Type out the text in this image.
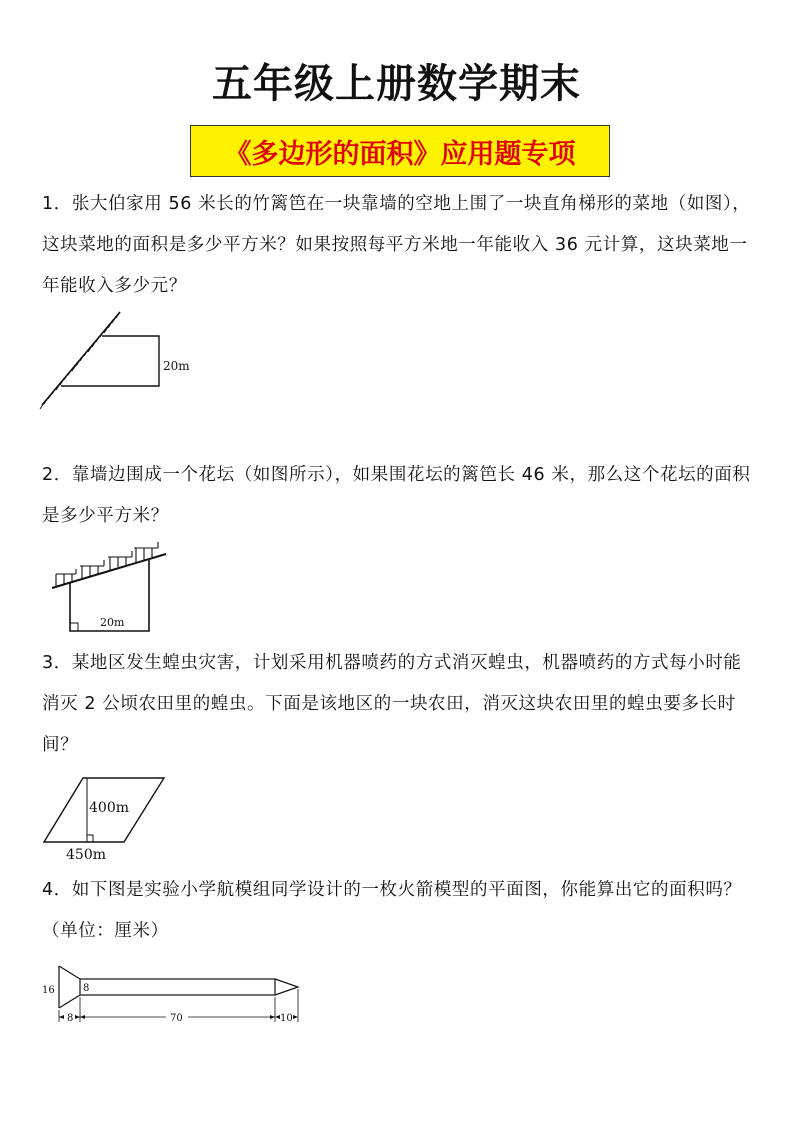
五年级上册数学期末
《多边形的面积》应用题专项
1．张大伯家用 56 米长的竹篱笆在一块靠墙的空地上围了一块直角梯形的菜地（如图），这块菜地的面积是多少平方米？如果按照每平方米地一年能收入 36 元计算，这块菜地一年能收入多少元？
20m
2．靠墙边围成一个花坛（如图所示），如果围花坛的篱笆长 46 米，那么这个花坛的面积是多少平方米？
20m
3．某地区发生蝗虫灾害，计划采用机器喷药的方式消灭蝗虫，机器喷药的方式每小时能消灭 2 公顷农田里的蝗虫。下面是该地区的一块农田，消灭这块农田里的蝗虫要多长时间？
400m
450m
4．如下图是实验小学航模组同学设计的一枚火箭模型的平面图，你能算出它的面积吗？（单位：厘米）
16	8
8	70	10
